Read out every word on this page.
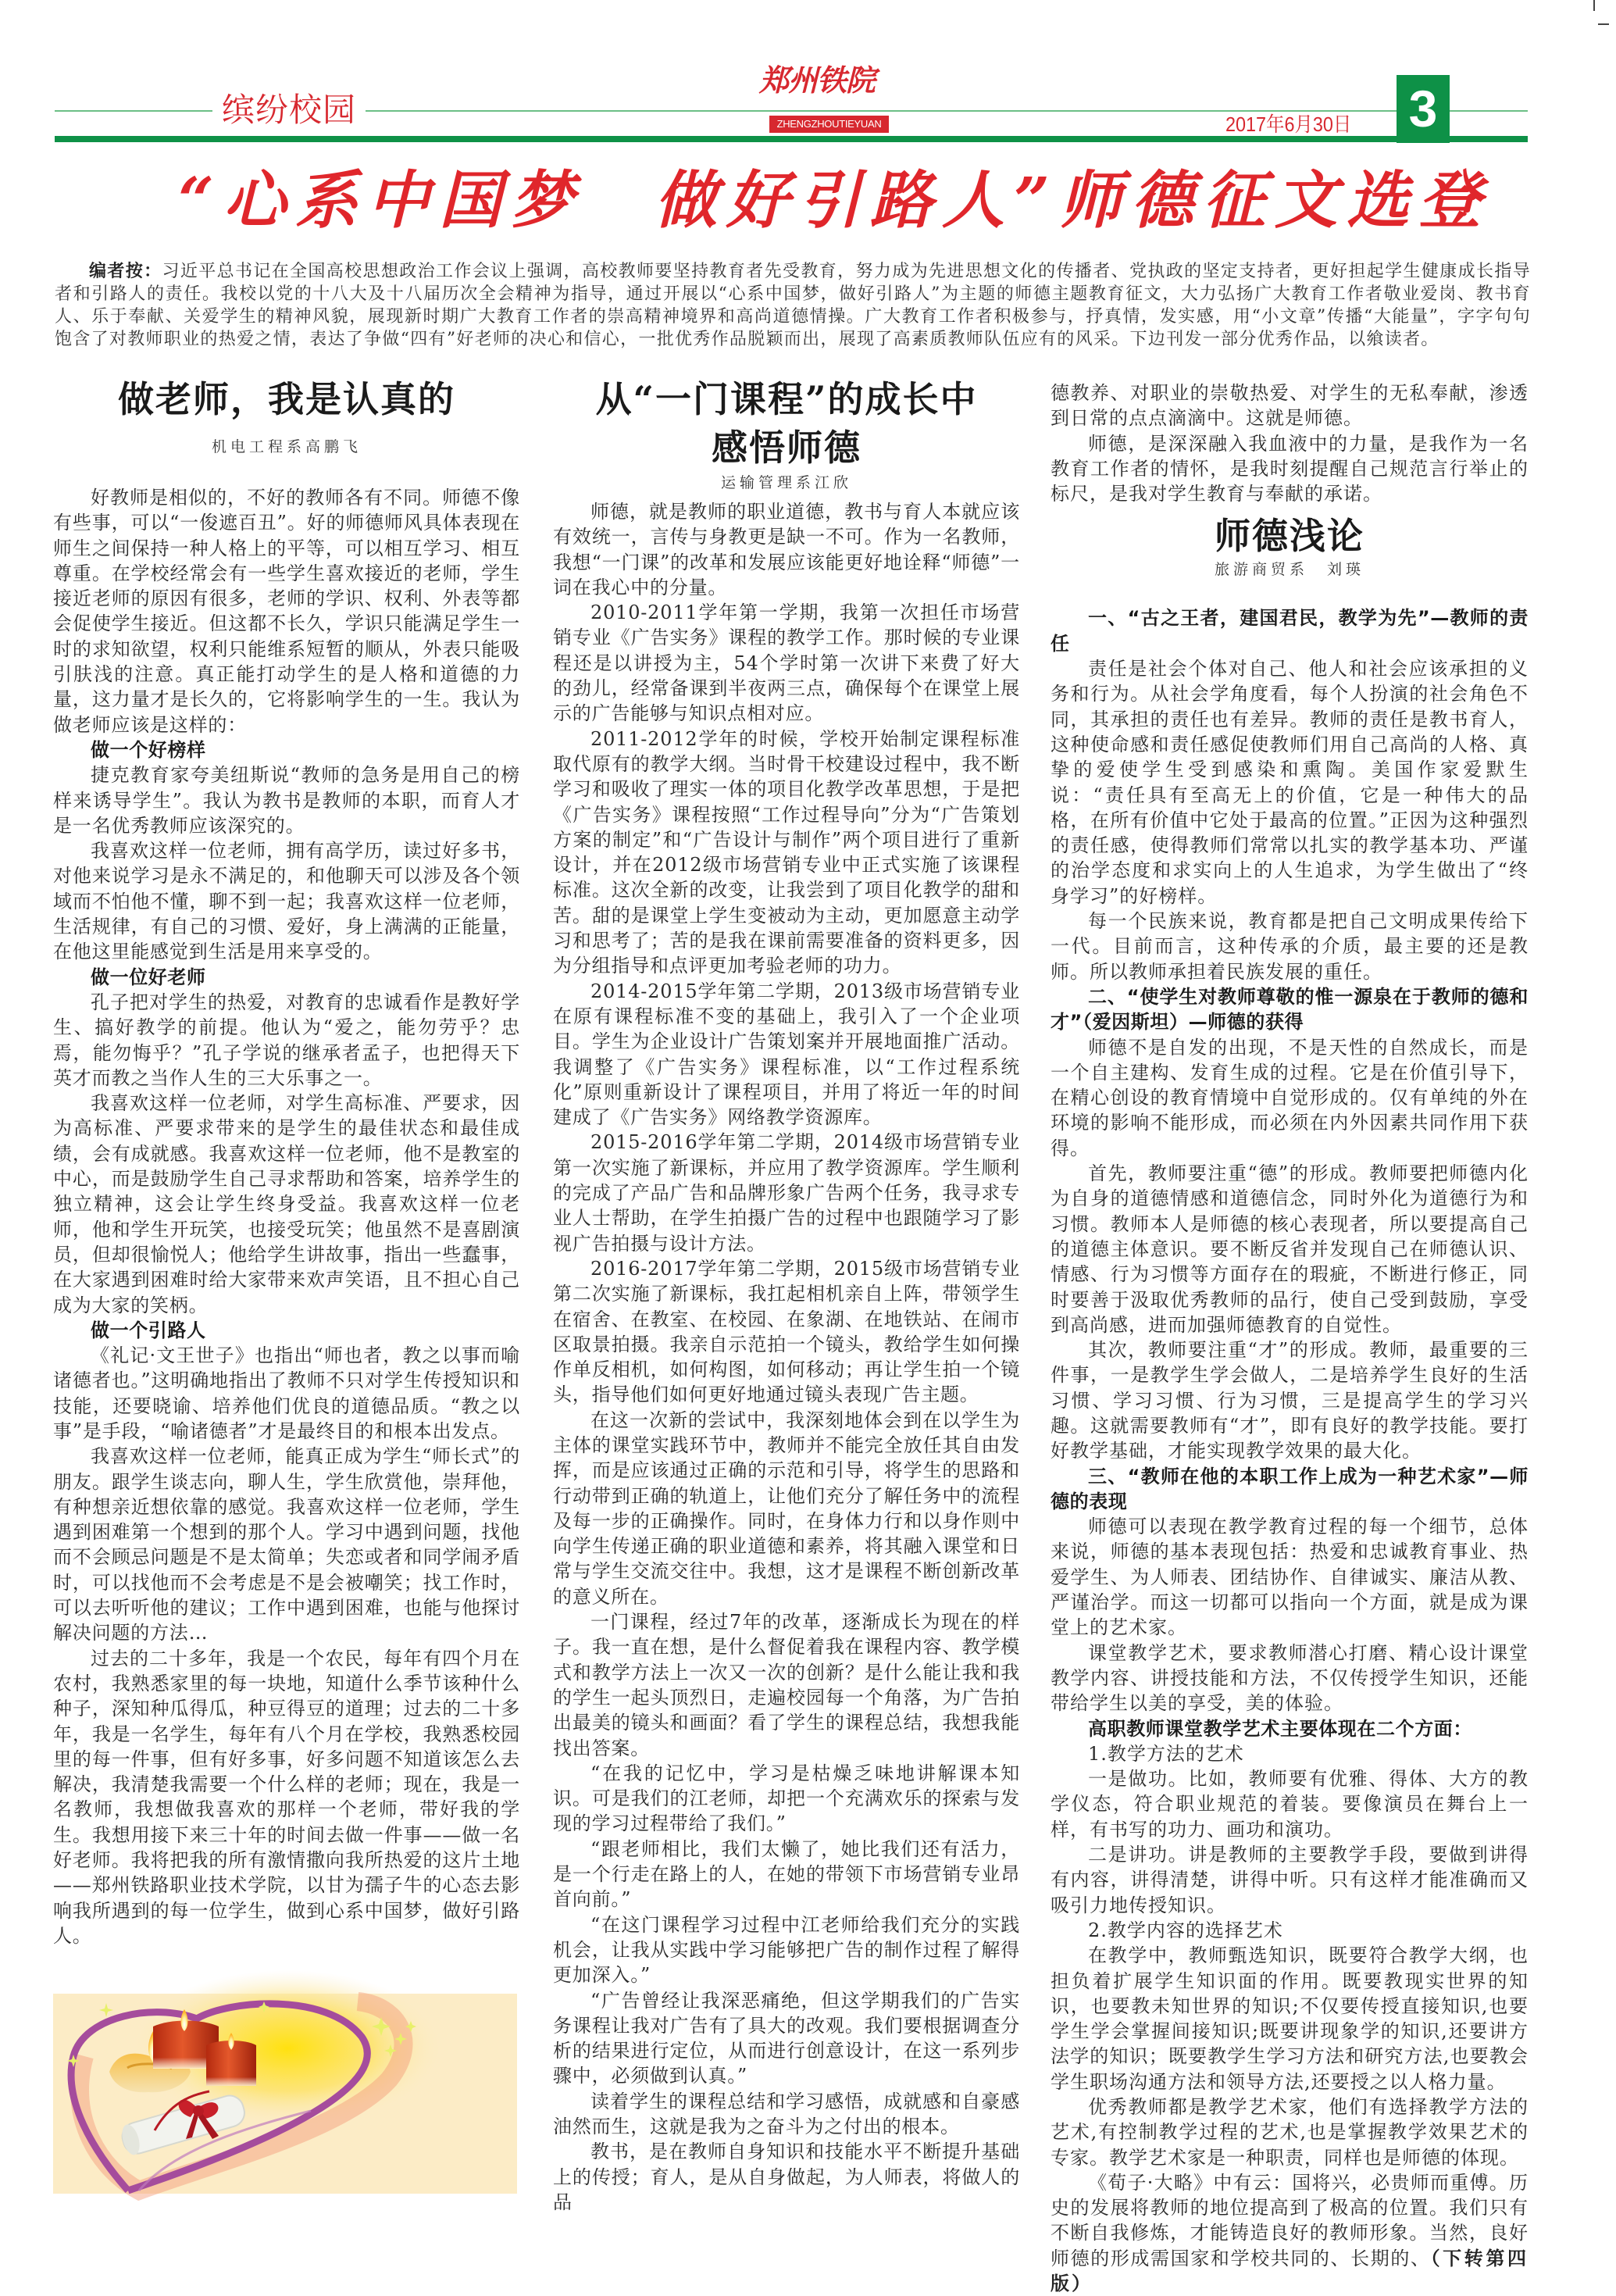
缤纷校园
郑州铁院
ZHENGZHOUTIEYUAN	2017年6月30日 3
“心系中国梦　做好引路人”师德征文选登
编者按：习近平总书记在全国高校思想政治工作会议上强调，高校教师要坚持教育者先受教育，努力成为先进思想文化的传播者、党执政的坚定支持者，更好担起学生健康成长指导者和引路人的责任。我校以党的十八大及十八届历次全会精神为指导，通过开展以“心系中国梦，做好引路人”为主题的师德主题教育征文，大力弘扬广大教育工作者敬业爱岗、教书育人、乐于奉献、关爱学生的精神风貌，展现新时期广大教育工作者的崇高精神境界和高尚道德情操。广大教育工作者积极参与，抒真情，发实感，用“小文章”传播“大能量”，字字句句饱含了对教师职业的热爱之情，表达了争做“四有”好老师的决心和信心，一批优秀作品脱颖而出，展现了高素质教师队伍应有的风采。下边刊发一部分优秀作品，以飨读者。
做老师，我是认真的
机电工程系高鹏飞

好教师是相似的，不好的教师各有不同。师德不像有些事，可以“一俊遮百丑”。好的师德师风具体表现在师生之间保持一种人格上的平等，可以相互学习、相互尊重。在学校经常会有一些学生喜欢接近的老师，学生接近老师的原因有很多，老师的学识、权利、外表等都会促使学生接近。但这都不长久，学识只能满足学生一时的求知欲望，权利只能维系短暂的顺从，外表只能吸引肤浅的注意。真正能打动学生的是人格和道德的力量，这力量才是长久的，它将影响学生的一生。我认为做老师应该是这样的：

做一个好榜样

捷克教育家夸美纽斯说“教师的急务是用自己的榜样来诱导学生”。我认为教书是教师的本职，而育人才是一名优秀教师应该深究的。

我喜欢这样一位老师，拥有高学历，读过好多书，对他来说学习是永不满足的，和他聊天可以涉及各个领域而不怕他不懂，聊不到一起；我喜欢这样一位老师，生活规律，有自己的习惯、爱好，身上满满的正能量，在他这里能感觉到生活是用来享受的。

做一位好老师

孔子把对学生的热爱，对教育的忠诚看作是教好学生、搞好教学的前提。他认为“爱之，能勿劳乎？忠焉，能勿悔乎？”孔子学说的继承者孟子，也把得天下英才而教之当作人生的三大乐事之一。

我喜欢这样一位老师，对学生高标准、严要求，因为高标准、严要求带来的是学生的最佳状态和最佳成绩，会有成就感。我喜欢这样一位老师，他不是教室的中心，而是鼓励学生自己寻求帮助和答案，培养学生的独立精神，这会让学生终身受益。我喜欢这样一位老师，他和学生开玩笑，也接受玩笑；他虽然不是喜剧演员，但却很愉悦人；他给学生讲故事，指出一些蠢事，在大家遇到困难时给大家带来欢声笑语，且不担心自己成为大家的笑柄。

做一个引路人

《礼记·文王世子》也指出“师也者，教之以事而喻诸德者也。”这明确地指出了教师不只对学生传授知识和技能，还要晓谕、培养他们优良的道德品质。“教之以事”是手段，“喻诸德者”才是最终目的和根本出发点。

我喜欢这样一位老师，能真正成为学生“师长式”的朋友。跟学生谈志向，聊人生，学生欣赏他，崇拜他，有种想亲近想依靠的感觉。我喜欢这样一位老师，学生遇到困难第一个想到的那个人。学习中遇到问题，找他而不会顾忌问题是不是太简单；失恋或者和同学闹矛盾时，可以找他而不会考虑是不是会被嘲笑；找工作时，可以去听听他的建议；工作中遇到困难，也能与他探讨解决问题的方法…

过去的二十多年，我是一个农民，每年有四个月在农村，我熟悉家里的每一块地，知道什么季节该种什么种子，深知种瓜得瓜，种豆得豆的道理；过去的二十多年，我是一名学生，每年有八个月在学校，我熟悉校园里的每一件事，但有好多事，好多问题不知道该怎么去解决，我清楚我需要一个什么样的老师；现在，我是一名教师，我想做我喜欢的那样一个老师，带好我的学生。我想用接下来三十年的时间去做一件事——做一名好老师。我将把我的所有激情撒向我所热爱的这片土地——郑州铁路职业技术学院，以甘为孺子牛的心态去影响我所遇到的每一位学生，做到心系中国梦，做好引路人。

从“一门课程”的成长中
感悟师德
运输管理系江欣

师德，就是教师的职业道德，教书与育人本就应该有效统一，言传与身教更是缺一不可。作为一名教师，我想“一门课”的改革和发展应该能更好地诠释“师德”一词在我心中的分量。

2010-2011学年第一学期，我第一次担任市场营销专业《广告实务》课程的教学工作。那时候的专业课程还是以讲授为主，54个学时第一次讲下来费了好大的劲儿，经常备课到半夜两三点，确保每个在课堂上展示的广告能够与知识点相对应。

2011-2012学年的时候，学校开始制定课程标准取代原有的教学大纲。当时骨干校建设过程中，我不断学习和吸收了理实一体的项目化教学改革思想，于是把《广告实务》课程按照“工作过程导向”分为“广告策划方案的制定”和“广告设计与制作”两个项目进行了重新设计，并在2012级市场营销专业中正式实施了该课程标准。这次全新的改变，让我尝到了项目化教学的甜和苦。甜的是课堂上学生变被动为主动，更加愿意主动学习和思考了；苦的是我在课前需要准备的资料更多，因为分组指导和点评更加考验老师的功力。

2014-2015学年第二学期，2013级市场营销专业在原有课程标准不变的基础上，我引入了一个企业项目。学生为企业设计广告策划案并开展地面推广活动。我调整了《广告实务》课程标准，以“工作过程系统化”原则重新设计了课程项目，并用了将近一年的时间建成了《广告实务》网络教学资源库。

2015-2016学年第二学期，2014级市场营销专业第一次实施了新课标，并应用了教学资源库。学生顺利的完成了产品广告和品牌形象广告两个任务，我寻求专业人士帮助，在学生拍摄广告的过程中也跟随学习了影视广告拍摄与设计方法。

2016-2017学年第二学期，2015级市场营销专业第二次实施了新课标，我扛起相机亲自上阵，带领学生在宿舍、在教室、在校园、在象湖、在地铁站、在闹市区取景拍摄。我亲自示范拍一个镜头，教给学生如何操作单反相机，如何构图，如何移动；再让学生拍一个镜头，指导他们如何更好地通过镜头表现广告主题。

在这一次新的尝试中，我深刻地体会到在以学生为主体的课堂实践环节中，教师并不能完全放任其自由发挥，而是应该通过正确的示范和引导，将学生的思路和行动带到正确的轨道上，让他们充分了解任务中的流程及每一步的正确操作。同时，在身体力行和以身作则中向学生传递正确的职业道德和素养，将其融入课堂和日常与学生交流交往中。我想，这才是课程不断创新改革的意义所在。

一门课程，经过7年的改革，逐渐成长为现在的样子。我一直在想，是什么督促着我在课程内容、教学模式和教学方法上一次又一次的创新？是什么能让我和我的学生一起头顶烈日，走遍校园每一个角落，为广告拍出最美的镜头和画面？看了学生的课程总结，我想我能找出答案。

“在我的记忆中，学习是枯燥乏味地讲解课本知识。可是我们的江老师，却把一个充满欢乐的探索与发现的学习过程带给了我们。”

“跟老师相比，我们太懒了，她比我们还有活力，是一个行走在路上的人，在她的带领下市场营销专业昂首向前。”

“在这门课程学习过程中江老师给我们充分的实践机会，让我从实践中学习能够把广告的制作过程了解得更加深入。”

“广告曾经让我深恶痛绝，但这学期我们的广告实务课程让我对广告有了具大的改观。我们要根据调查分析的结果进行定位，从而进行创意设计，在这一系列步骤中，必须做到认真。”

读着学生的课程总结和学习感悟，成就感和自豪感油然而生，这就是我为之奋斗为之付出的根本。

教书，是在教师自身知识和技能水平不断提升基础上的传授；育人，是从自身做起，为人师表，将做人的品

德教养、对职业的崇敬热爱、对学生的无私奉献，渗透到日常的点点滴滴中。这就是师德。

师德，是深深融入我血液中的力量，是我作为一名教育工作者的情怀，是我时刻提醒自己规范言行举止的标尺，是我对学生教育与奉献的承诺。

师德浅论
旅游商贸系　刘瑛

一、“古之王者，建国君民，教学为先”—教师的责任

责任是社会个体对自己、他人和社会应该承担的义务和行为。从社会学角度看，每个人扮演的社会角色不同，其承担的责任也有差异。教师的责任是教书育人，这种使命感和责任感促使教师们用自己高尚的人格、真挚的爱使学生受到感染和熏陶。美国作家爱默生说：“责任具有至高无上的价值，它是一种伟大的品格，在所有价值中它处于最高的位置。”正因为这种强烈的责任感，使得教师们常常以扎实的教学基本功、严谨的治学态度和求实向上的人生追求，为学生做出了“终身学习”的好榜样。

每一个民族来说，教育都是把自己文明成果传给下一代。目前而言，这种传承的介质，最主要的还是教师。所以教师承担着民族发展的重任。

二、“使学生对教师尊敬的惟一源泉在于教师的德和才”（爱因斯坦）—师德的获得

师德不是自发的出现，不是天性的自然成长，而是一个自主建构、发育生成的过程。它是在价值引导下，在精心创设的教育情境中自觉形成的。仅有单纯的外在环境的影响不能形成，而必须在内外因素共同作用下获得。

首先，教师要注重“德”的形成。教师要把师德内化为自身的道德情感和道德信念，同时外化为道德行为和习惯。教师本人是师德的核心表现者，所以要提高自己的道德主体意识。要不断反省并发现自己在师德认识、情感、行为习惯等方面存在的瑕疵，不断进行修正，同时要善于汲取优秀教师的品行，使自己受到鼓励，享受到高尚感，进而加强师德教育的自觉性。

其次，教师要注重“才”的形成。教师，最重要的三件事，一是教学生学会做人，二是培养学生良好的生活习惯、学习习惯、行为习惯，三是提高学生的学习兴趣。这就需要教师有“才”，即有良好的教学技能。要打好教学基础，才能实现教学效果的最大化。

三、“教师在他的本职工作上成为一种艺术家”—师德的表现

师德可以表现在教学教育过程的每一个细节，总体来说，师德的基本表现包括：热爱和忠诚教育事业、热爱学生、为人师表、团结协作、自律诚实、廉洁从教、严谨治学。而这一切都可以指向一个方面，就是成为课堂上的艺术家。

课堂教学艺术，要求教师潜心打磨、精心设计课堂教学内容、讲授技能和方法，不仅传授学生知识，还能带给学生以美的享受，美的体验。

高职教师课堂教学艺术主要体现在二个方面：

1.教学方法的艺术

一是做功。比如，教师要有优雅、得体、大方的教学仪态，符合职业规范的着装。要像演员在舞台上一样，有书写的功力、画功和演功。

二是讲功。讲是教师的主要教学手段，要做到讲得有内容，讲得清楚，讲得中听。只有这样才能准确而又吸引力地传授知识。

2.教学内容的选择艺术

在教学中，教师甄选知识，既要符合教学大纲，也担负着扩展学生知识面的作用。既要教现实世界的知识，也要教未知世界的知识;不仅要传授直接知识,也要学生学会掌握间接知识;既要讲现象学的知识,还要讲方法学的知识；既要教学生学习方法和研究方法,也要教会学生职场沟通方法和领导方法,还要授之以人格力量。

优秀教师都是教学艺术家，他们有选择教学方法的艺术,有控制教学过程的艺术,也是掌握教学效果艺术的专家。教学艺术家是一种职责，同样也是师德的体现。

《荀子·大略》中有云：国将兴，必贵师而重傅。历史的发展将教师的地位提高到了极高的位置。我们只有不断自我修炼，才能铸造良好的教师形象。当然，良好师德的形成需国家和学校共同的、长期的、（下转第四版）
